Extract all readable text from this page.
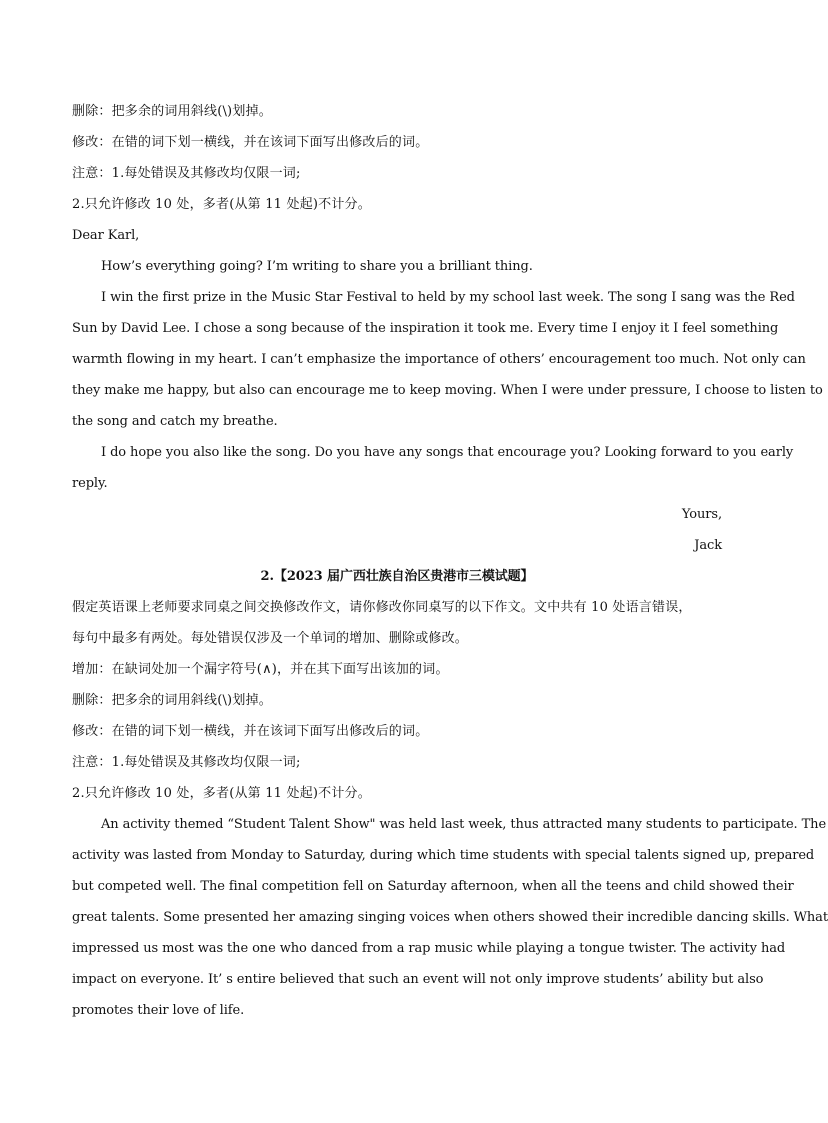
删除：把多余的词用斜线(\)划掉。
修改：在错的词下划一横线，并在该词下面写出修改后的词。
注意：1.每处错误及其修改均仅限一词;
2.只允许修改 10 处，多者(从第 11 处起)不计分。
Dear Karl,
How’s everything going? I’m writing to share you a brilliant thing.
I win the first prize in the Music Star Festival to held by my school last week. The song I sang was the Red
Sun by David Lee. I chose a song because of the inspiration it took me. Every time I enjoy it I feel something
warmth flowing in my heart. I can’t emphasize the importance of others’ encouragement too much. Not only can
they make me happy, but also can encourage me to keep moving. When I were under pressure, I choose to listen to
the song and catch my breathe.
I do hope you also like the song. Do you have any songs that encourage you? Looking forward to you early
reply.
Yours,
Jack
2.【2023 届广西壮族自治区贵港市三模试题】
假定英语课上老师要求同桌之间交换修改作文，请你修改你同桌写的以下作文。文中共有 10 处语言错误，
每句中最多有两处。每处错误仅涉及一个单词的增加、删除或修改。
增加：在缺词处加一个漏字符号(∧)，并在其下面写出该加的词。
删除：把多余的词用斜线(\)划掉。
修改：在错的词下划一横线，并在该词下面写出修改后的词。
注意：1.每处错误及其修改均仅限一词;
2.只允许修改 10 处，多者(从第 11 处起)不计分。
An activity themed “Student Talent Show" was held last week, thus attracted many students to participate. The
activity was lasted from Monday to Saturday, during which time students with special talents signed up, prepared
but competed well. The final competition fell on Saturday afternoon, when all the teens and child showed their
great talents. Some presented her amazing singing voices when others showed their incredible dancing skills. What
impressed us most was the one who danced from a rap music while playing a tongue twister. The activity had
impact on everyone. It’ s entire believed that such an event will not only improve students’ ability but also
promotes their love of life.
